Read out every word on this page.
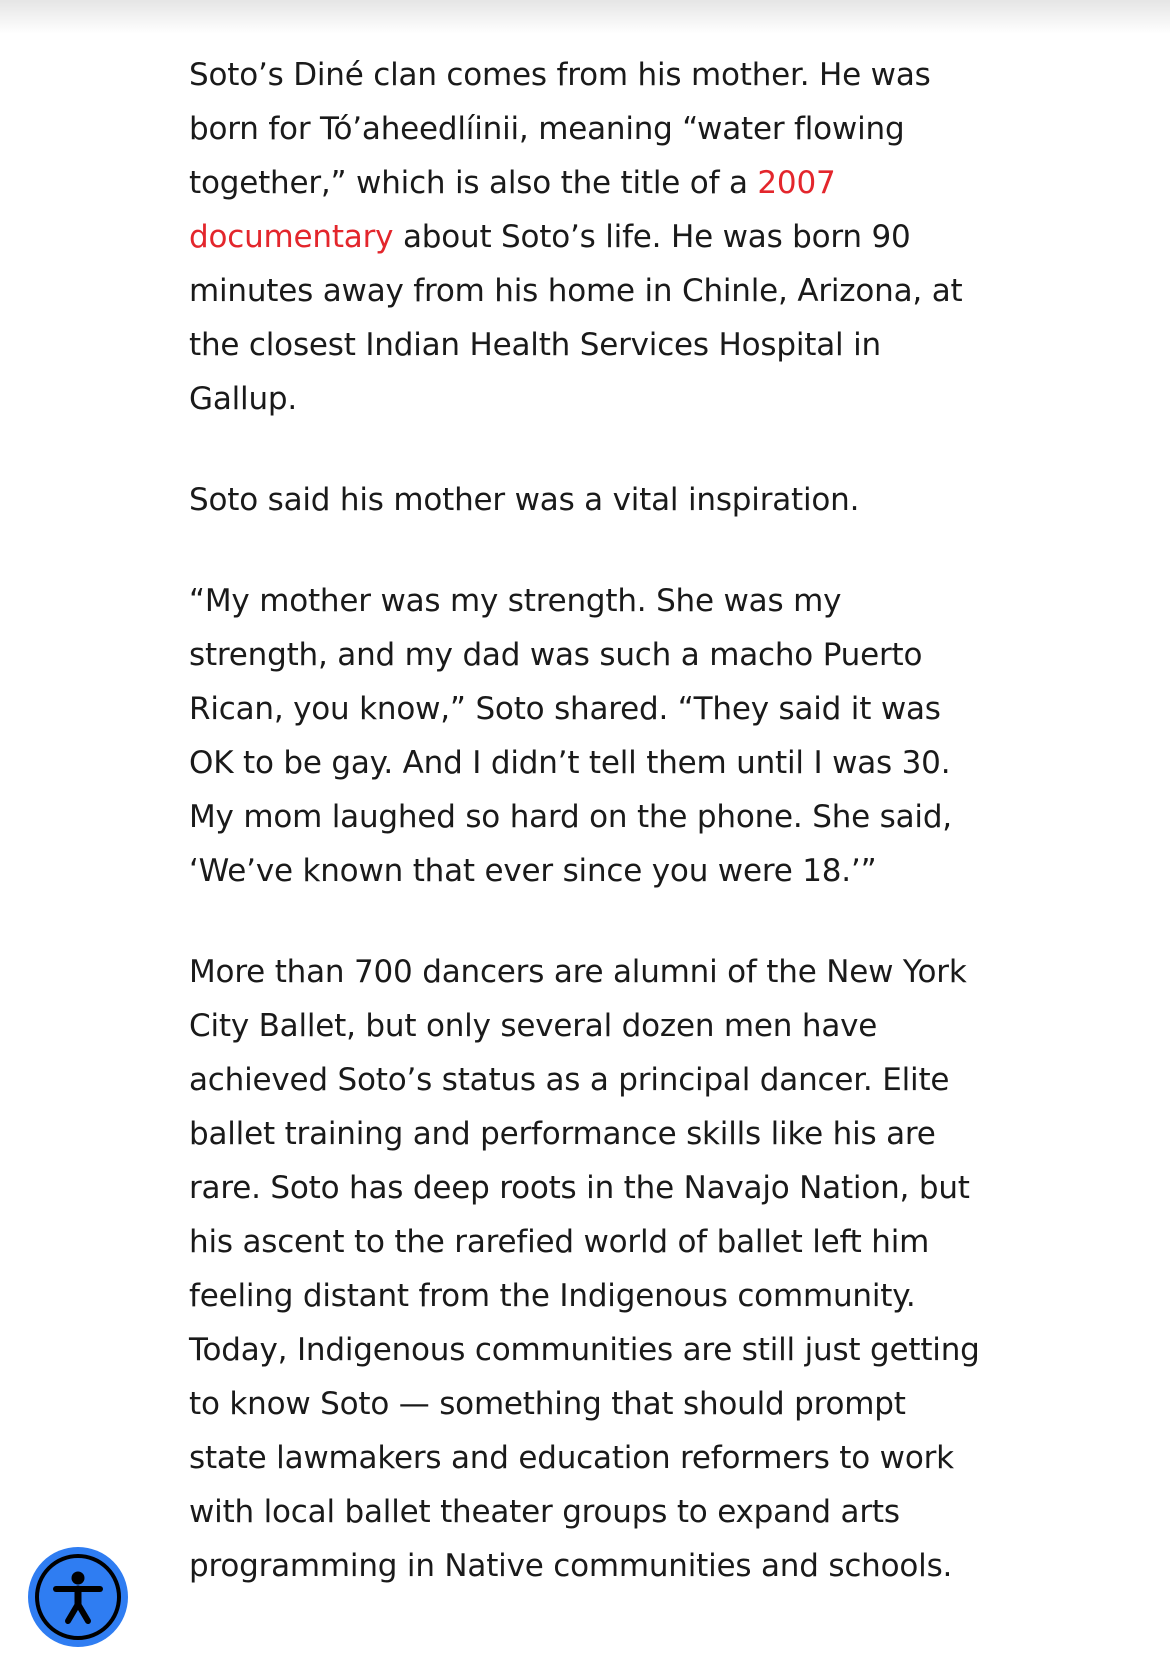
Soto’s Diné clan comes from his mother. He was born for Tó’aheedlíinii, meaning “water flowing together,” which is also the title of a 2007 documentary about Soto’s life. He was born 90 minutes away from his home in Chinle, Arizona, at the closest Indian Health Services Hospital in Gallup.

Soto said his mother was a vital inspiration.

“My mother was my strength. She was my strength, and my dad was such a macho Puerto Rican, you know,” Soto shared. “They said it was OK to be gay. And I didn’t tell them until I was 30. My mom laughed so hard on the phone. She said, ‘We’ve known that ever since you were 18.’”

More than 700 dancers are alumni of the New York City Ballet, but only several dozen men have achieved Soto’s status as a principal dancer. Elite ballet training and performance skills like his are rare. Soto has deep roots in the Navajo Nation, but his ascent to the rarefied world of ballet left him feeling distant from the Indigenous community. Today, Indigenous communities are still just getting to know Soto — something that should prompt state lawmakers and education reformers to work with local ballet theater groups to expand arts programming in Native communities and schools.
